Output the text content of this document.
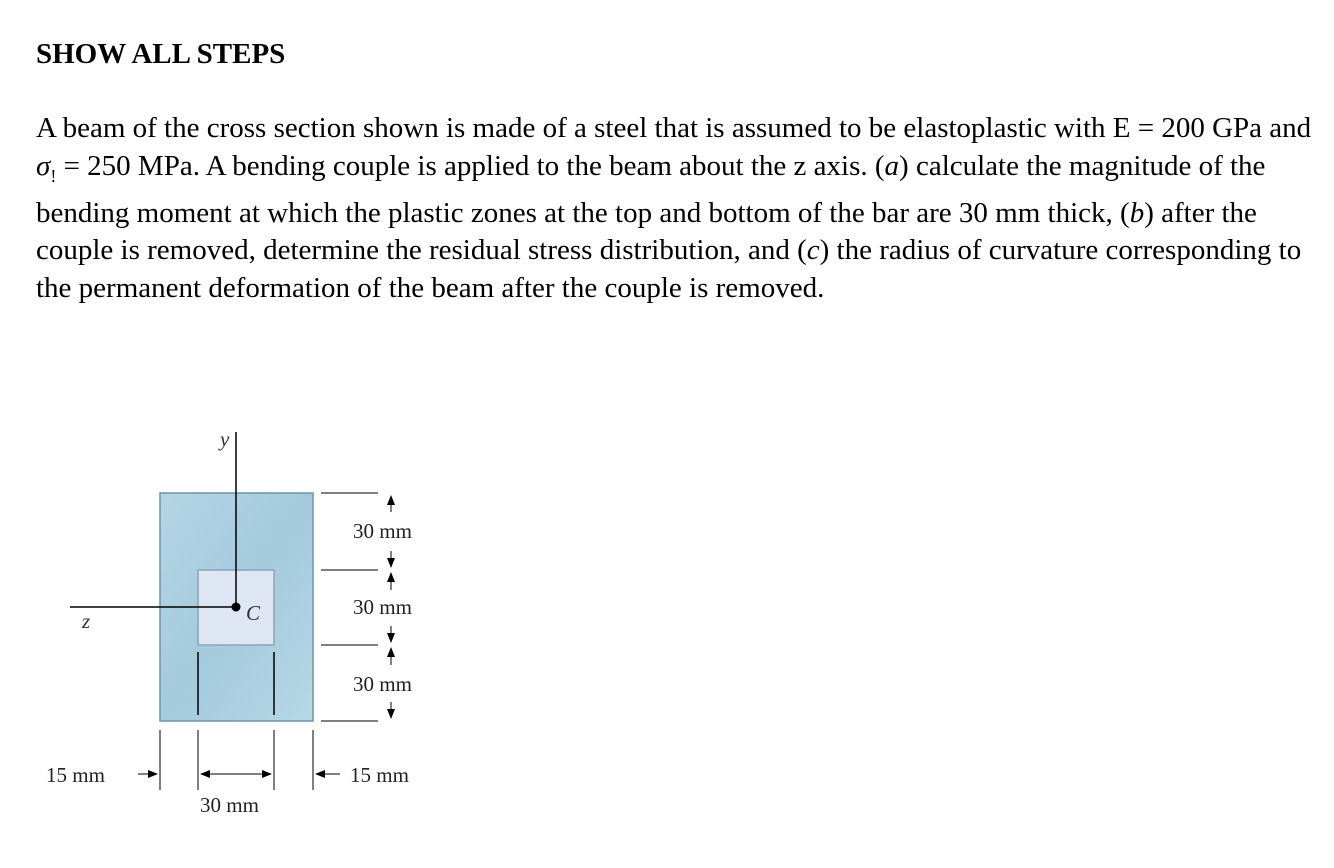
SHOW ALL STEPS

A beam of the cross section shown is made of a steel that is assumed to be elastoplastic with E = 200 GPa and $\sigma_! = 250$ MPa. A bending couple is applied to the beam about the z axis. (a) calculate the magnitude of the bending moment at which the plastic zones at the top and bottom of the bar are 30 mm thick, (b) after the couple is removed, determine the residual stress distribution, and (c) the radius of curvature corresponding to the permanent deformation of the beam after the couple is removed.

y
z	C
30 mm
30 mm
30 mm
15 mm
30 mm
15 mm
